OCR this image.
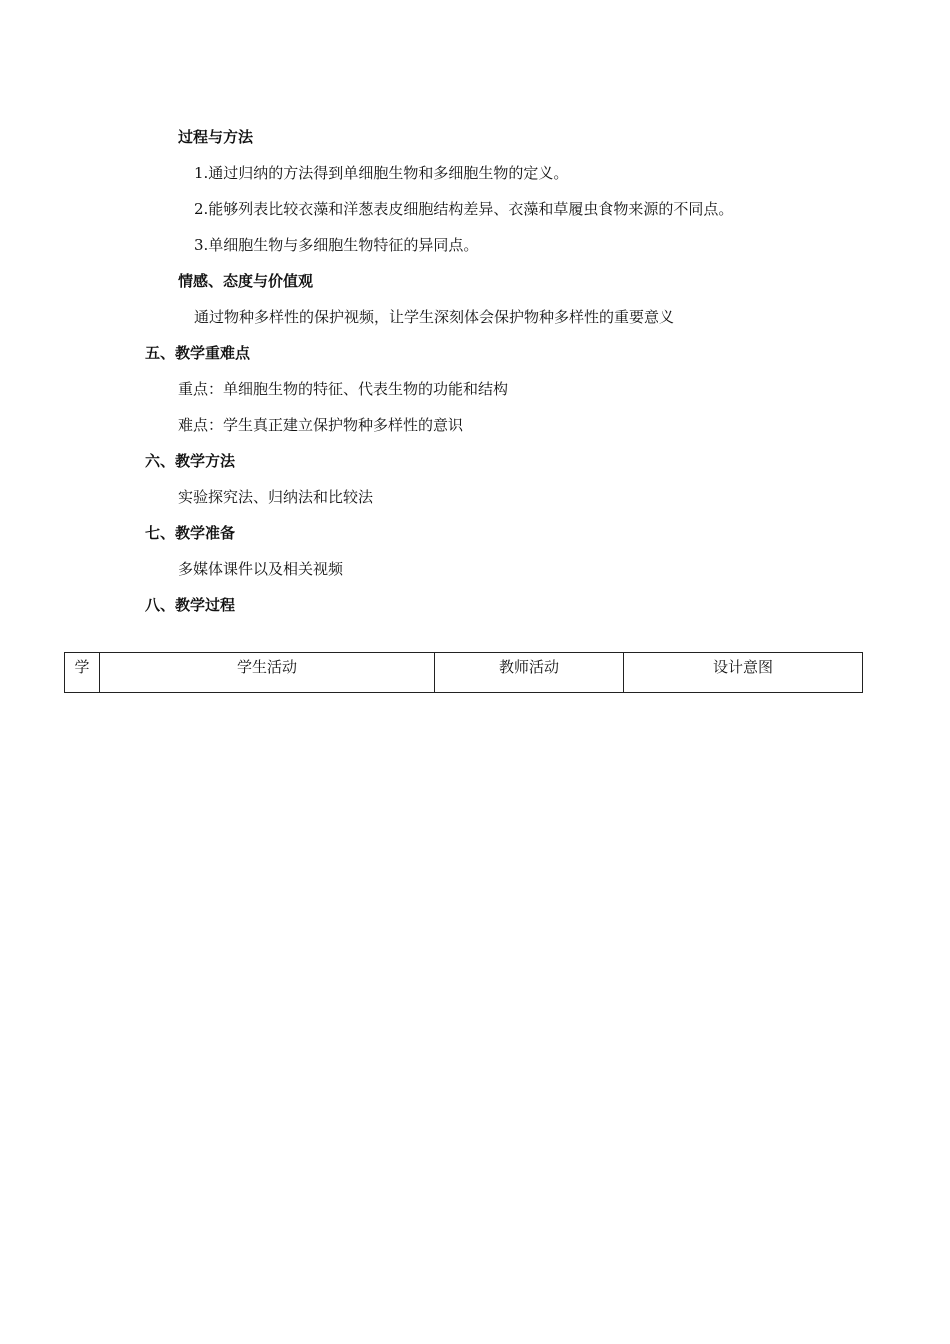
过程与方法
1.通过归纳的方法得到单细胞生物和多细胞生物的定义。
2.能够列表比较衣藻和洋葱表皮细胞结构差异、衣藻和草履虫食物来源的不同点。
3.单细胞生物与多细胞生物特征的异同点。
情感、态度与价值观
通过物种多样性的保护视频，让学生深刻体会保护物种多样性的重要意义
五、教学重难点
重点：单细胞生物的特征、代表生物的功能和结构
难点：学生真正建立保护物种多样性的意识
六、教学方法
实验探究法、归纳法和比较法
七、教学准备
多媒体课件以及相关视频
八、教学过程
学	学生活动	教师活动	设计意图
